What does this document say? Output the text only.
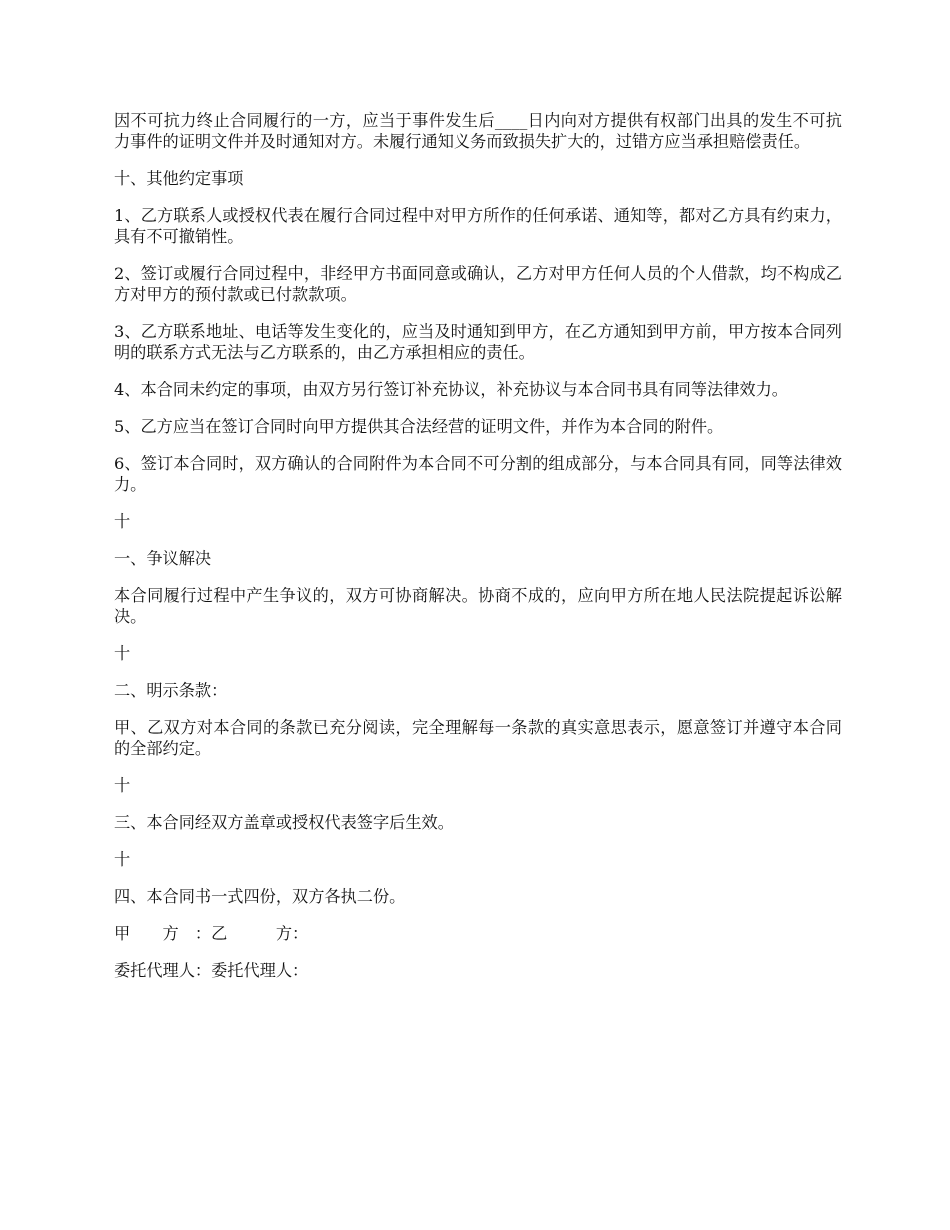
因不可抗力终止合同履行的一方，应当于事件发生后____日内向对方提供有权部门出具的发生不可抗力事件的证明文件并及时通知对方。未履行通知义务而致损失扩大的，过错方应当承担赔偿责任。

十、其他约定事项

1、乙方联系人或授权代表在履行合同过程中对甲方所作的任何承诺、通知等，都对乙方具有约束力，具有不可撤销性。

2、签订或履行合同过程中，非经甲方书面同意或确认，乙方对甲方任何人员的个人借款，均不构成乙方对甲方的预付款或已付款款项。

3、乙方联系地址、电话等发生变化的，应当及时通知到甲方，在乙方通知到甲方前，甲方按本合同列明的联系方式无法与乙方联系的，由乙方承担相应的责任。

4、本合同未约定的事项，由双方另行签订补充协议，补充协议与本合同书具有同等法律效力。

5、乙方应当在签订合同时向甲方提供其合法经营的证明文件，并作为本合同的附件。

6、签订本合同时，双方确认的合同附件为本合同不可分割的组成部分，与本合同具有同，同等法律效力。

十

一、争议解决

本合同履行过程中产生争议的，双方可协商解决。协商不成的，应向甲方所在地人民法院提起诉讼解决。

十

二、明示条款：

甲、乙双方对本合同的条款已充分阅读，完全理解每一条款的真实意思表示，愿意签订并遵守本合同的全部约定。

十

三、本合同经双方盖章或授权代表签字后生效。

十

四、本合同书一式四份，双方各执二份。

甲　　方　：乙　　　方：

委托代理人：委托代理人：
